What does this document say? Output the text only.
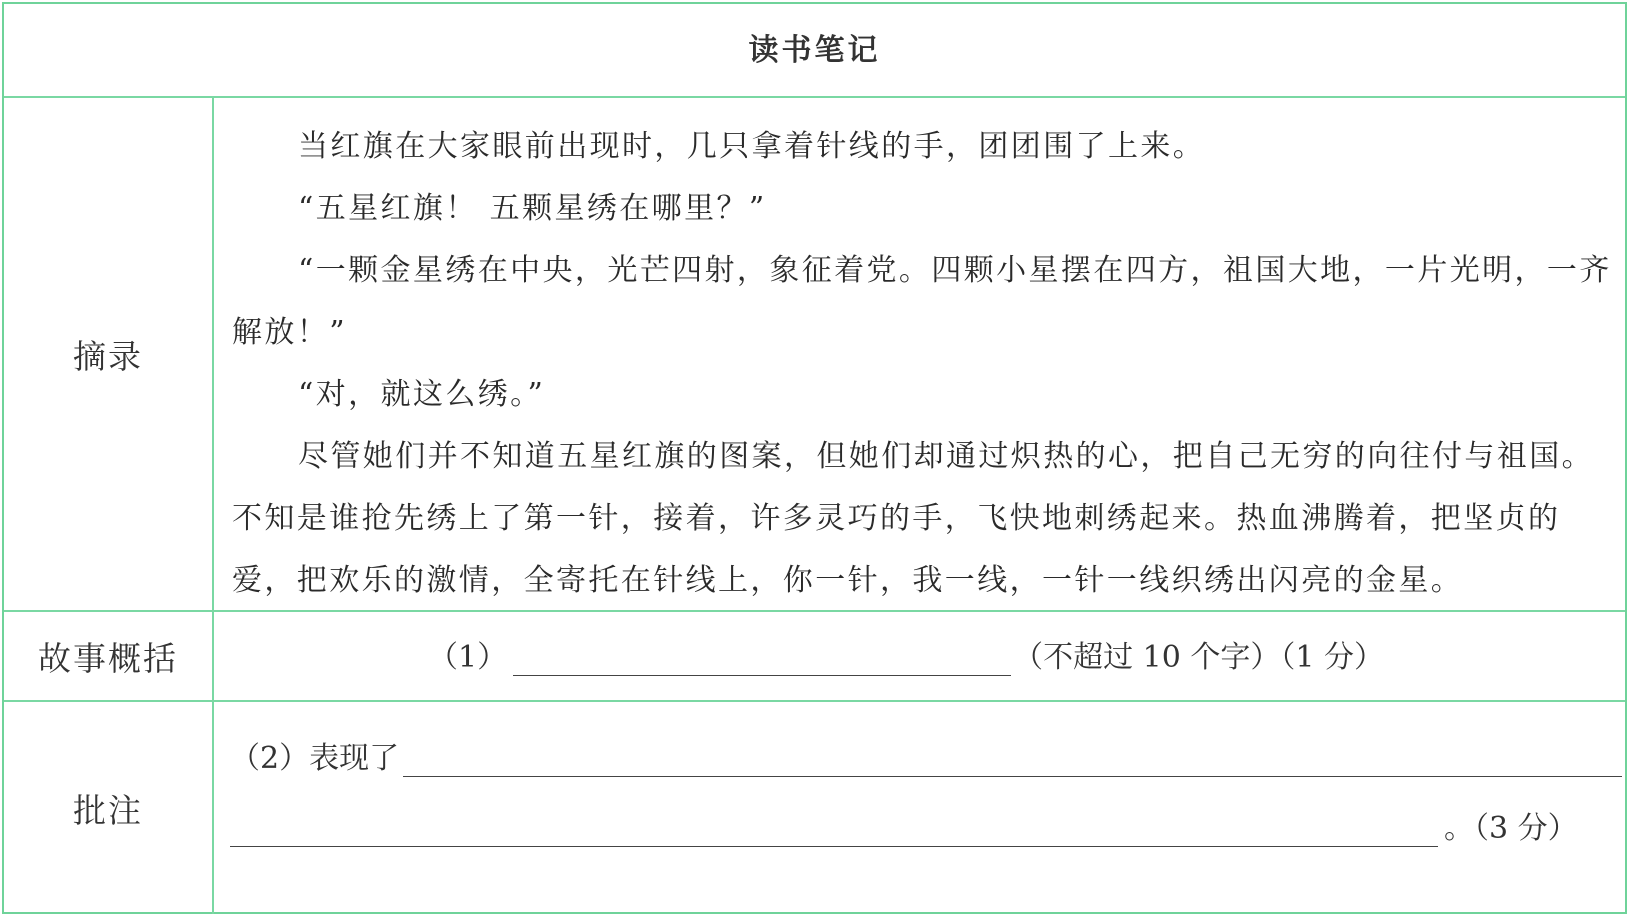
读书笔记
摘录

当红旗在大家眼前出现时，几只拿着针线的手，团团围了上来。

“五星红旗！ 五颗星绣在哪里？”

“一颗金星绣在中央，光芒四射，象征着党。四颗小星摆在四方，祖国大地，一片光明，一齐解放！”

“对，就这么绣。”

尽管她们并不知道五星红旗的图案，但她们却通过炽热的心，把自己无穷的向往付与祖国。不知是谁抢先绣上了第一针，接着，许多灵巧的手，飞快地刺绣起来。热血沸腾着，把坚贞的爱，把欢乐的激情，全寄托在针线上，你一针，我一线，一针一线织绣出闪亮的金星。

故事概括	（1）	（不超过 10 个字）（1 分）
批注
（2） 表现了
。（3 分）
